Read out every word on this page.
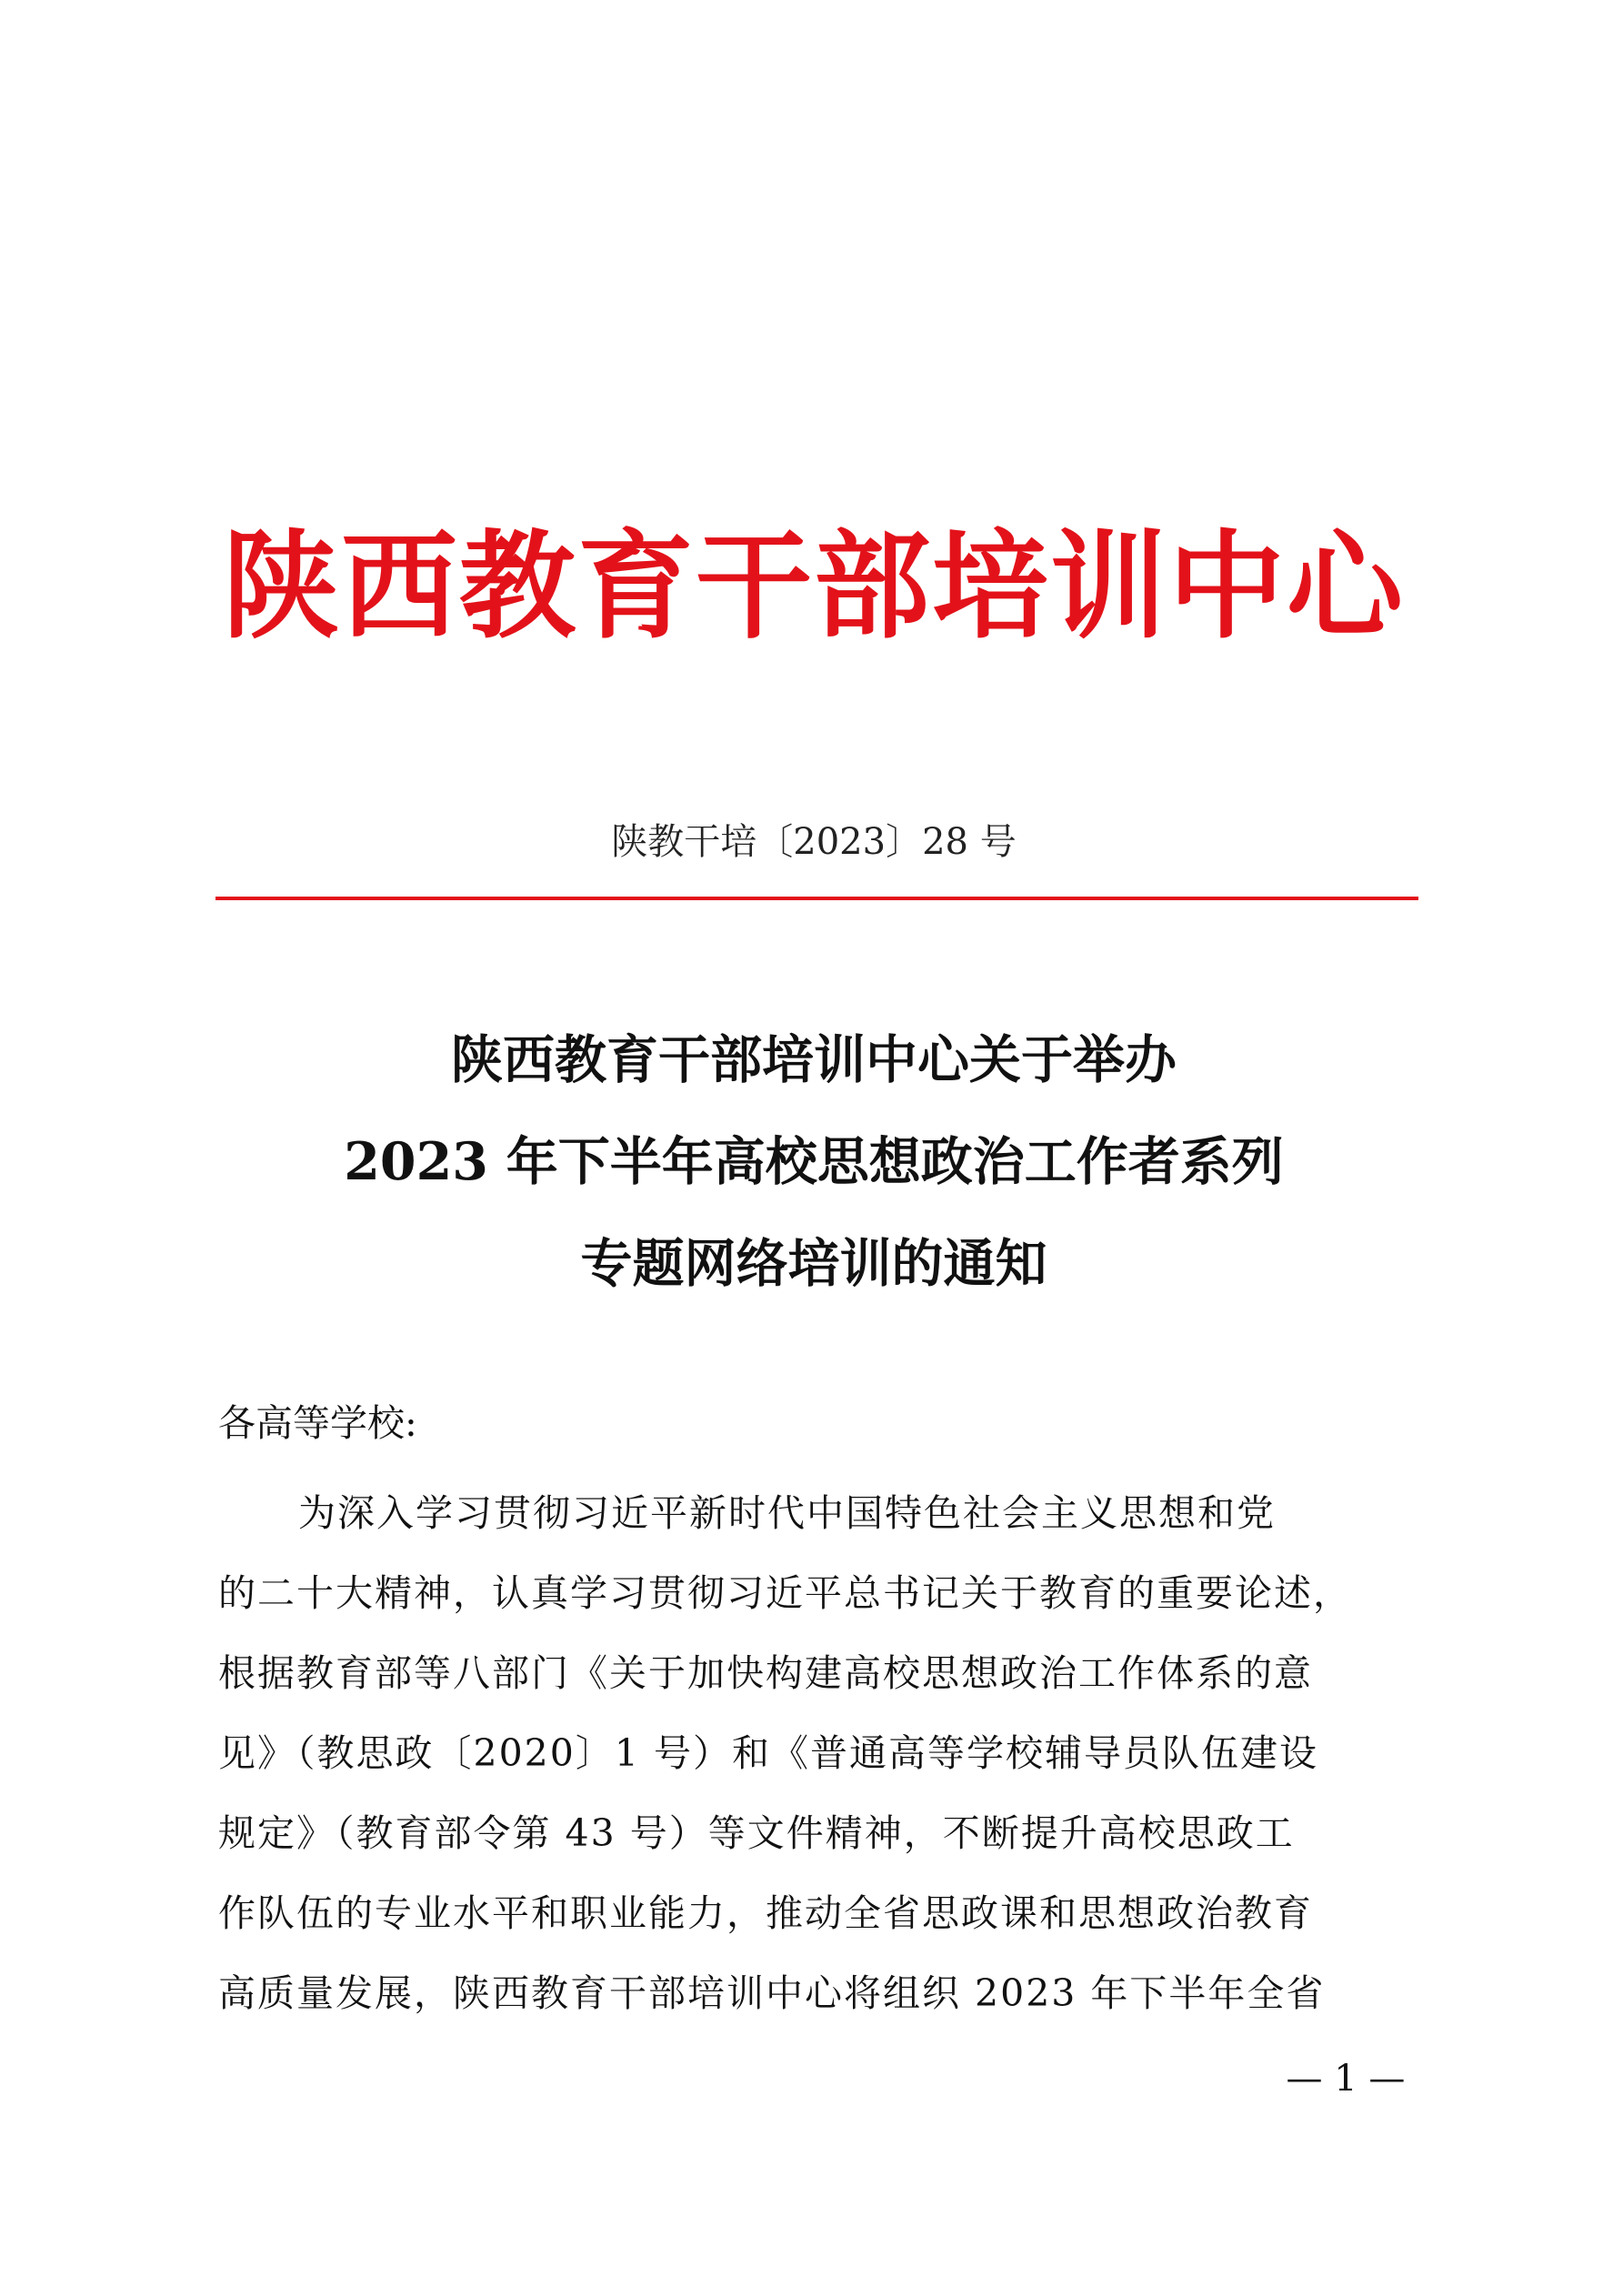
陕西教育干部培训中心
陕教干培〔2023〕28 号
陕西教育干部培训中心关于举办
2023 年下半年高校思想政治工作者系列
专题网络培训的通知
各高等学校:
为深入学习贯彻习近平新时代中国特色社会主义思想和党
的二十大精神，认真学习贯彻习近平总书记关于教育的重要论述，
根据教育部等八部门《关于加快构建高校思想政治工作体系的意
见》（教思政〔2020〕1 号）和《普通高等学校辅导员队伍建设
规定》（教育部令第 43 号）等文件精神，不断提升高校思政工
作队伍的专业水平和职业能力，推动全省思政课和思想政治教育
高质量发展，陕西教育干部培训中心将组织 2023 年下半年全省
— 1 —
